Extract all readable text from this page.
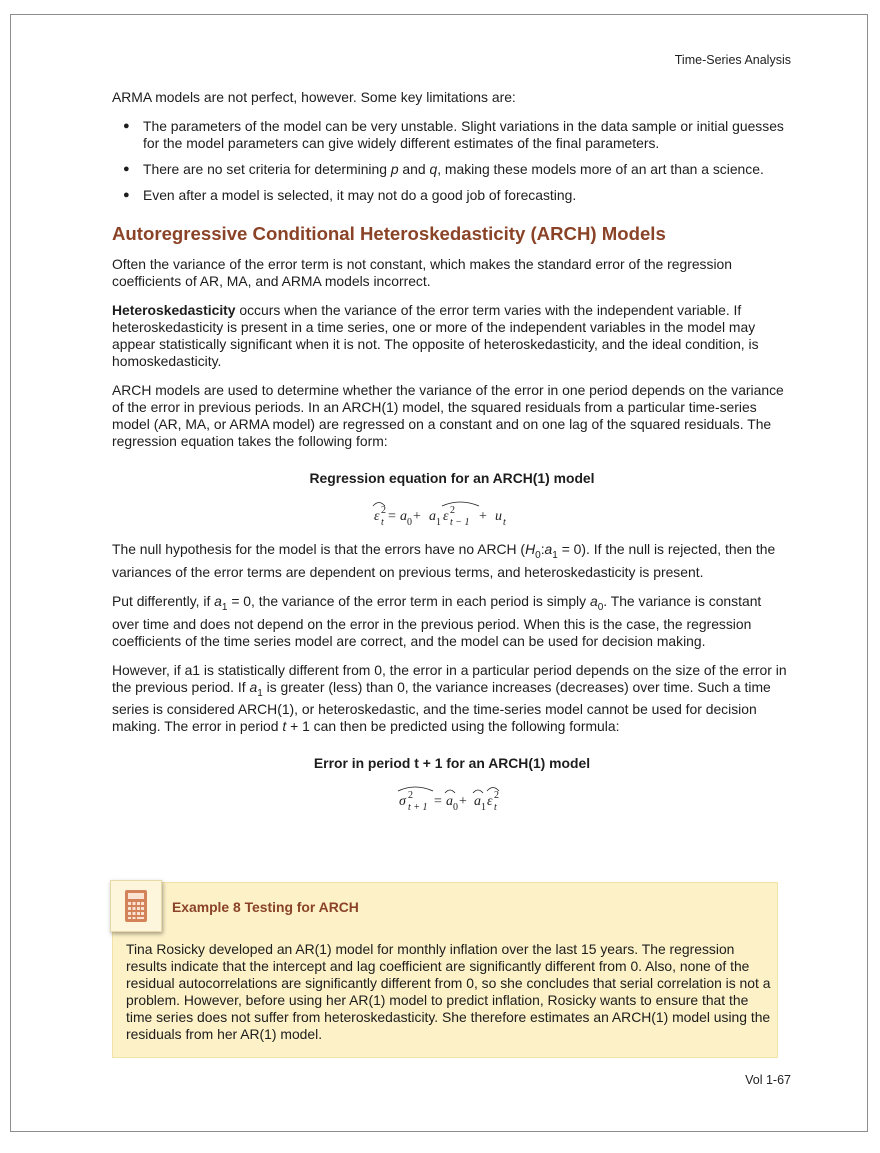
Time-Series Analysis

ARMA models are not perfect, however. Some key limitations are:

● The parameters of the model can be very unstable. Slight variations in the data sample or initial guesses for the model parameters can give widely different estimates of the final parameters.
● There are no set criteria for determining p and q, making these models more of an art than a science.
● Even after a model is selected, it may not do a good job of forecasting.
Autoregressive Conditional Heteroskedasticity (ARCH) Models

Often the variance of the error term is not constant, which makes the standard error of the regression coefficients of AR, MA, and ARMA models incorrect.

Heteroskedasticity occurs when the variance of the error term varies with the independent variable. If heteroskedasticity is present in a time series, one or more of the independent variables in the model may appear statistically significant when it is not. The opposite of heteroskedasticity, and the ideal condition, is homoskedasticity.

ARCH models are used to determine whether the variance of the error in one period depends on the variance of the error in previous periods. In an ARCH(1) model, the squared residuals from a particular time-series model (AR, MA, or ARMA model) are regressed on a constant and on one lag of the squared residuals. The regression equation takes the following form:

Regression equation for an ARCH(1) model
ε 2
t = a 0 + a 1 ε 2
t − 1 + u t

The null hypothesis for the model is that the errors have no ARCH $(H_0:a_1 = 0)$. If the null is rejected, then the variances of the error terms are dependent on previous terms, and heteroskedasticity is present.

Put differently, if $a_1 = 0$, the variance of the error term in each period is simply $a_0$. The variance is constant over time and does not depend on the error in the previous period. When this is the case, the regression coefficients of the time series model are correct, and the model can be used for decision making.

However, if a1 is statistically different from 0, the error in a particular period depends on the size of the error in the previous period. If $a_1$ is greater (less) than 0, the variance increases (decreases) over time. Such a time series is considered ARCH(1), or heteroskedastic, and the time-series model cannot be used for decision making. The error in period t + 1 can then be predicted using the following formula:

Error in period t + 1 for an ARCH(1) model
σ 2
t + 1 = a 0 + a 1 ε 2
t
Example 8 Testing for ARCH
Tina Rosicky developed an AR(1) model for monthly inflation over the last 15 years. The regression results indicate that the intercept and lag coefficient are significantly different from 0. Also, none of the residual autocorrelations are significantly different from 0, so she concludes that serial correlation is not a problem. However, before using her AR(1) model to predict inflation, Rosicky wants to ensure that the time series does not suffer from heteroskedasticity. She therefore estimates an ARCH(1) model using the residuals from her AR(1) model.
Vol 1-67
